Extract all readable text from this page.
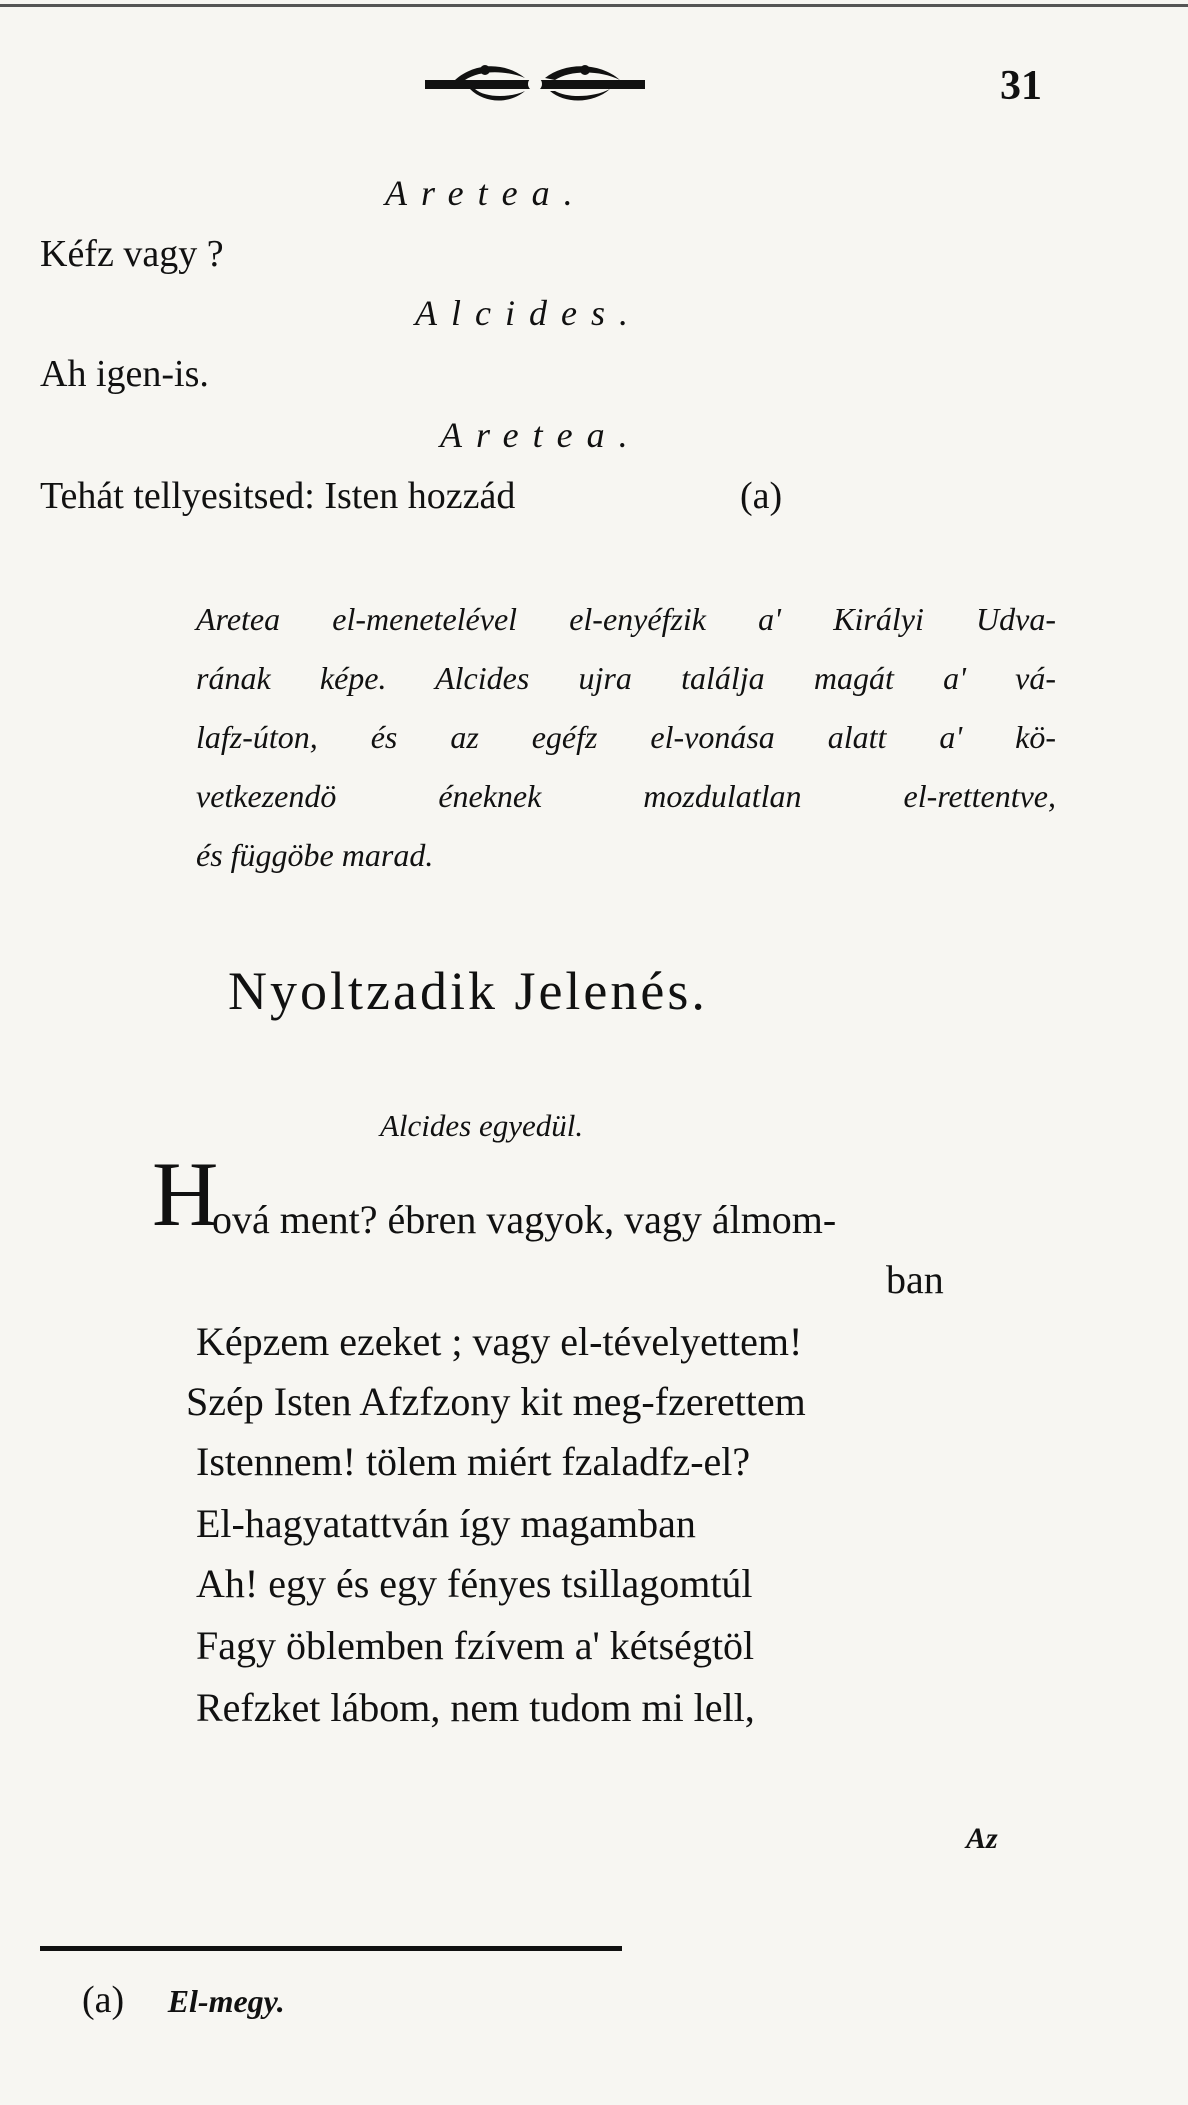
31
Aretea.
Kéfz vagy ?
Alcides.
Ah igen-is.
Aretea.
Tehát tellyesitsed: Isten hozzád	(a)
Aretea el-menetelével el-enyéfzik a' Királyi Udva-
rának képe. Alcides ujra találja magát a' vá-
lafz-úton, és az egéfz el-vonása alatt a' kö-
vetkezendö éneknek mozdulatlan el-rettentve,
és függöbe marad.
Nyoltzadik Jelenés.
Alcides egyedül.
H
ová ment? ébren vagyok, vagy álmom-
ban
Képzem ezeket ; vagy el-tévelyettem!
Szép Isten Afzfzony kit meg-fzerettem
Istennem! tölem miért fzaladfz-el?
El-hagyatattván így magamban
Ah! egy és egy fényes tsillagomtúl
Fagy öblemben fzívem a' kétségtöl
Refzket lábom, nem tudom mi lell,
Az
(a) El-megy.
